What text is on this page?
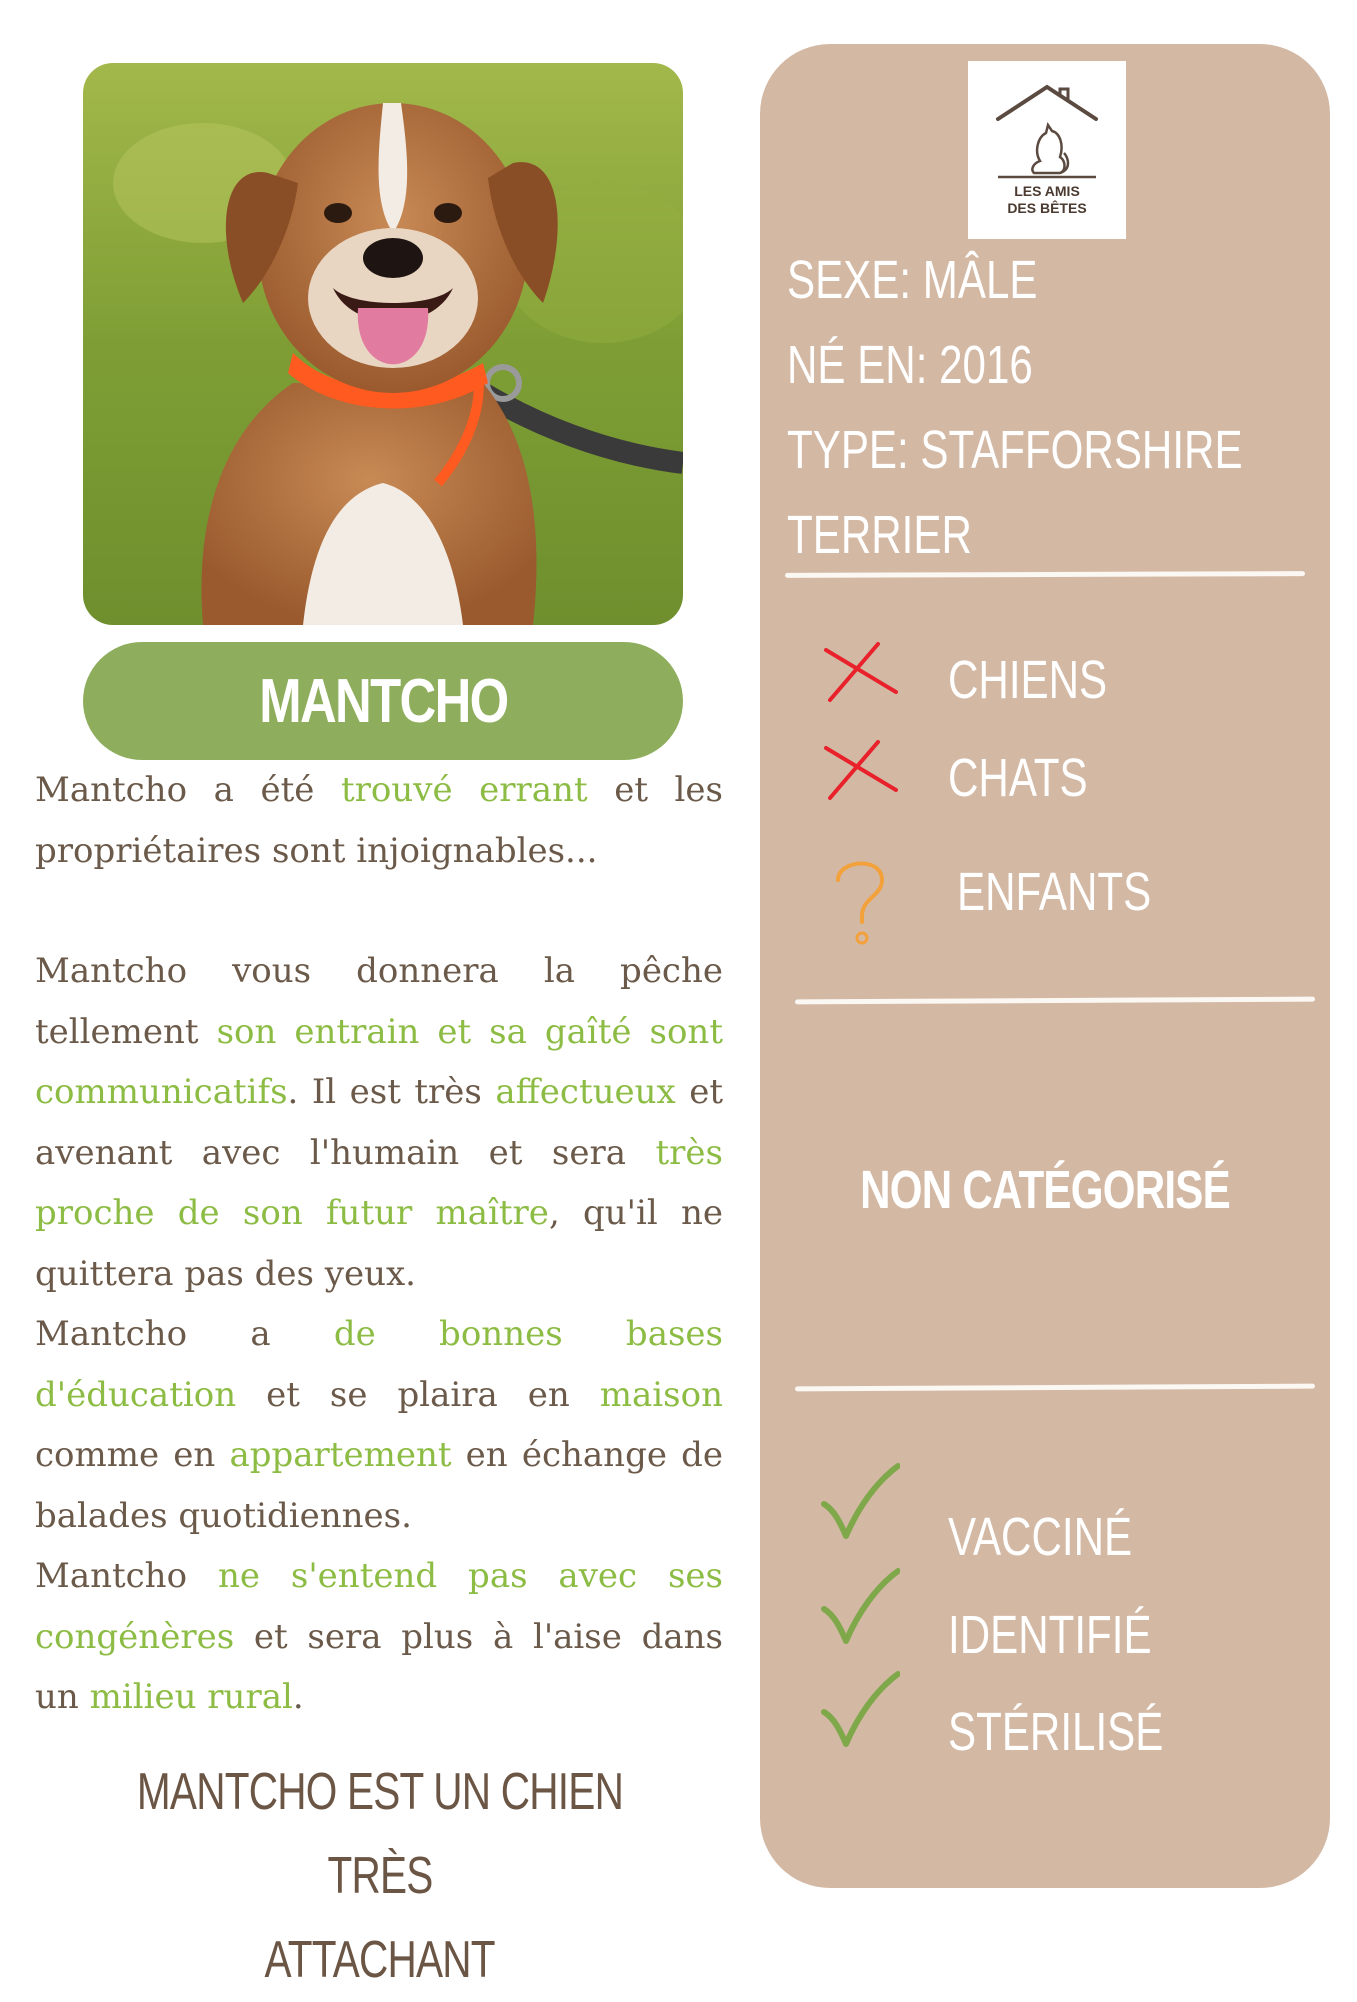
MANTCHO

Mantcho a été trouvé errant et les propriétaires sont injoignables...

Mantcho vous donnera la pêche tellement son entrain et sa gaîté sont communicatifs. Il est très affectueux et avenant avec l'humain et sera très proche de son futur maître, qu'il ne quittera pas des yeux.

Mantcho a de bonnes bases d'éducation et se plaira en maison comme en appartement en échange de balades quotidiennes.

Mantcho ne s'entend pas avec ses congénères et sera plus à l'aise dans un milieu rural.

MANTCHO EST UN CHIEN TRÈS
ATTACHANT
LES AMIS
DES BÊTES
SEXE: MÂLE
NÉ EN: 2016
TYPE: STAFFORSHIRE
TERRIER
CHIENS
CHATS
ENFANTS
NON CATÉGORISÉ
VACCINÉ
IDENTIFIÉ
STÉRILISÉ
